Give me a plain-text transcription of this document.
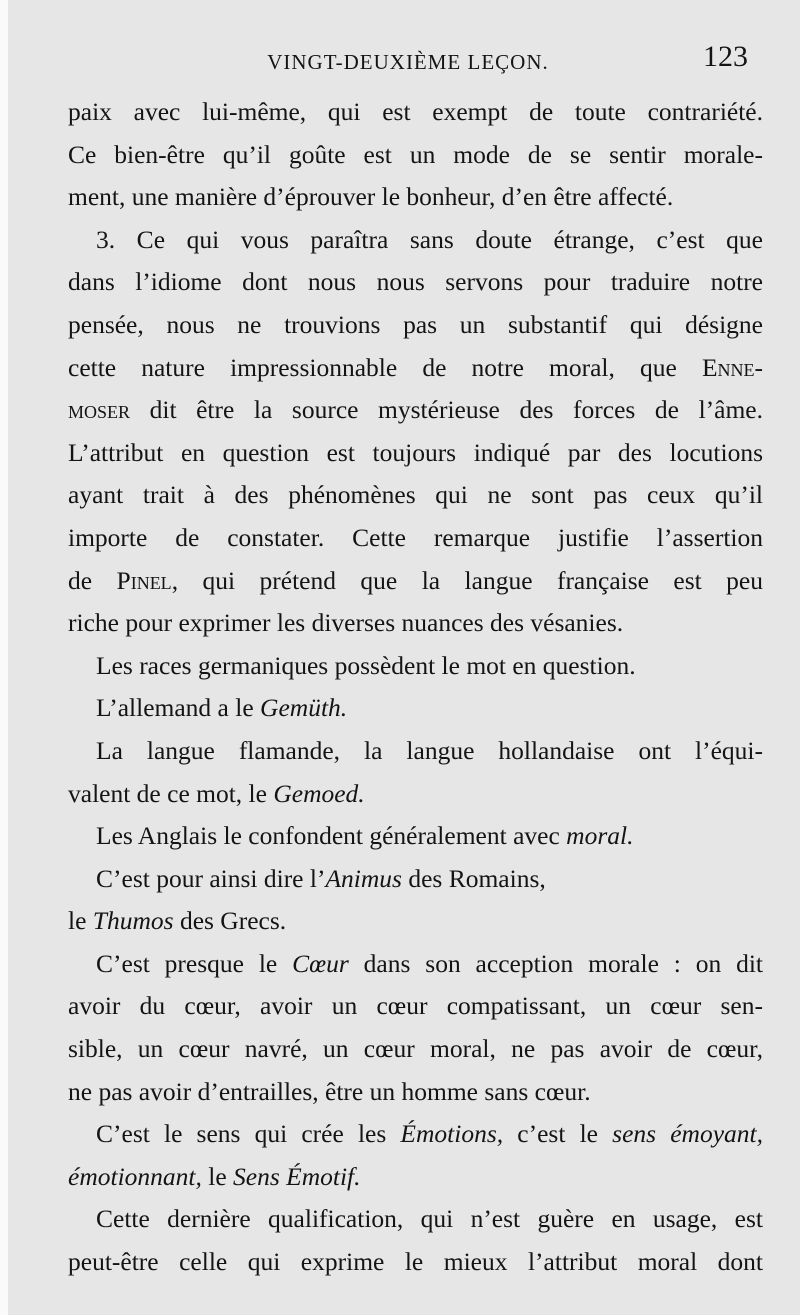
VINGT-DEUXIÈME LEÇON.	123
paix avec lui-même, qui est exempt de toute contrariété.
Ce bien-être qu’il goûte est un mode de se sentir morale-
ment, une manière d’éprouver le bonheur, d’en être affecté.
3. Ce qui vous paraîtra sans doute étrange, c’est que
dans l’idiome dont nous nous servons pour traduire notre
pensée, nous ne trouvions pas un substantif qui désigne
cette nature impressionnable de notre moral, que Enne-
moser dit être la source mystérieuse des forces de l’âme.
L’attribut en question est toujours indiqué par des locutions
ayant trait à des phénomènes qui ne sont pas ceux qu’il
importe de constater. Cette remarque justifie l’assertion
de Pinel, qui prétend que la langue française est peu
riche pour exprimer les diverses nuances des vésanies.
Les races germaniques possèdent le mot en question.
L’allemand a le Gemüth.
La langue flamande, la langue hollandaise ont l’équi-
valent de ce mot, le Gemoed.
Les Anglais le confondent généralement avec moral.
C’est pour ainsi dire l’Animus des Romains,
le Thumos des Grecs.
C’est presque le Cœur dans son acception morale : on dit
avoir du cœur, avoir un cœur compatissant, un cœur sen-
sible, un cœur navré, un cœur moral, ne pas avoir de cœur,
ne pas avoir d’entrailles, être un homme sans cœur.
C’est le sens qui crée les Émotions, c’est le sens émoyant,
émotionnant, le Sens Émotif.
Cette dernière qualification, qui n’est guère en usage, est
peut-être celle qui exprime le mieux l’attribut moral dont
